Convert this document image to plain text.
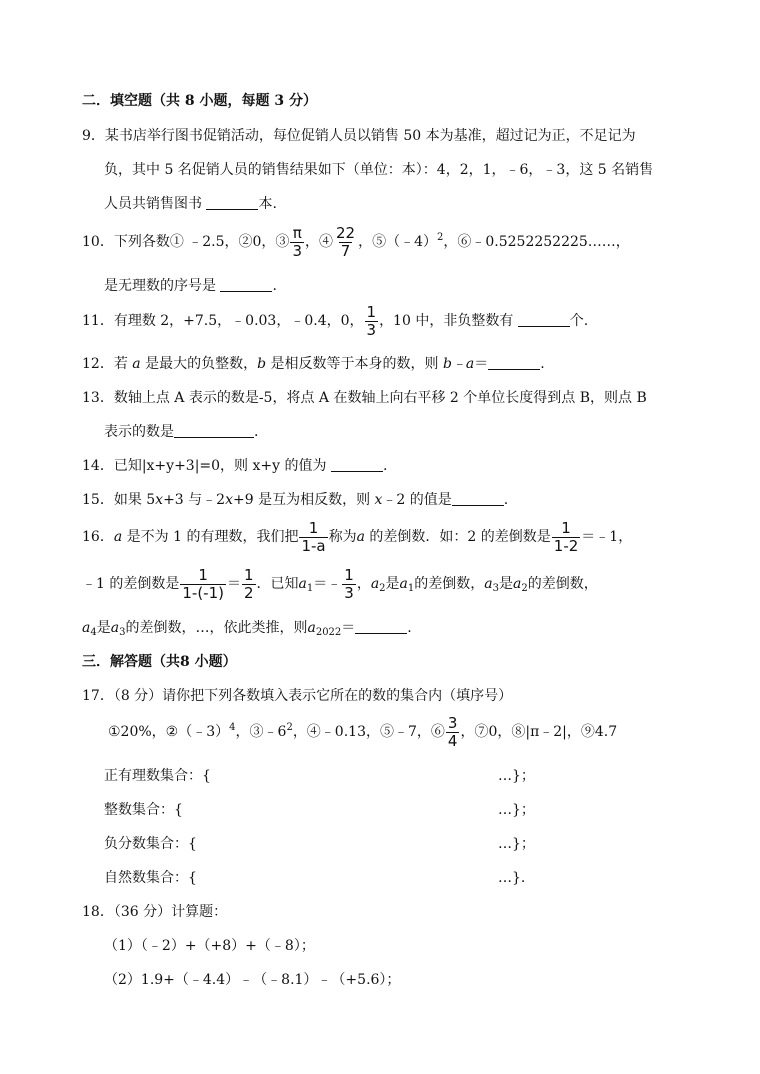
二．填空题（共 8 小题，每题 3 分）
9．某书店举行图书促销活动，每位促销人员以销售 50 本为基准，超过记为正，不足记为
负，其中 5 名促销人员的销售结果如下（单位：本）：4，2，1，﹣6，﹣3，这 5 名销售
人员共销售图书	本.
10．下列各数① ﹣2.5，②0，③ $\frac{\pi}{3}$ ，④ $\frac{22}{7}$ ，⑤（﹣4）$^2$，⑥﹣0.5252252225……，
是无理数的序号是	.
11．有理数 2，+7.5，﹣0.03，﹣0.4，0， $\frac{1}{3}$ ，10 中，非负整数有	个.
12．若 a 是最大的负整数，b 是相反数等于本身的数，则 b﹣a＝	.
13．数轴上点 A 表示的数是-5，将点 A 在数轴上向右平移 2 个单位长度得到点 B，则点 B
表示的数是	.
14．已知|x+y+3|=0，则 x+y 的值为	.
15．如果 5x+3 与﹣2x+9 是互为相反数，则 x﹣2 的值是	.
16．a 是不为 1 的有理数，我们把 $\frac{1}{1-a}$ 称为a 的差倒数．如：2 的差倒数是 $\frac{1}{1-2}$ ＝﹣1，
﹣1 的差倒数是 $\frac{1}{1-(-1)} = \frac{1}{2}$ ．已知$a_1=﹣ \frac{1}{3}$ ，$a_2$是$a_1$的差倒数，$a_3$是$a_2$的差倒数，
$a_4$是$a_3$的差倒数，…，依此类推，则$a_{2022}=$	.
三．解答题（共8 小题）
17．（8 分）请你把下列各数填入表示它所在的数的集合内（填序号）
①20%，②（﹣3）$^4$，$③﹣6^2$，④﹣0.13，⑤﹣7，⑥ $\frac{3}{4}$ ，⑦0，⑧|π﹣2|，⑨4.7
正有理数集合：{	…}；
整数集合：{	…}；
负分数集合：{	…}；
自然数集合：{	…}.
18．（36 分）计算题：
（1）（﹣2）+（+8）+（﹣8）；
（2）1.9+（﹣4.4）﹣（﹣8.1）﹣（+5.6）；
